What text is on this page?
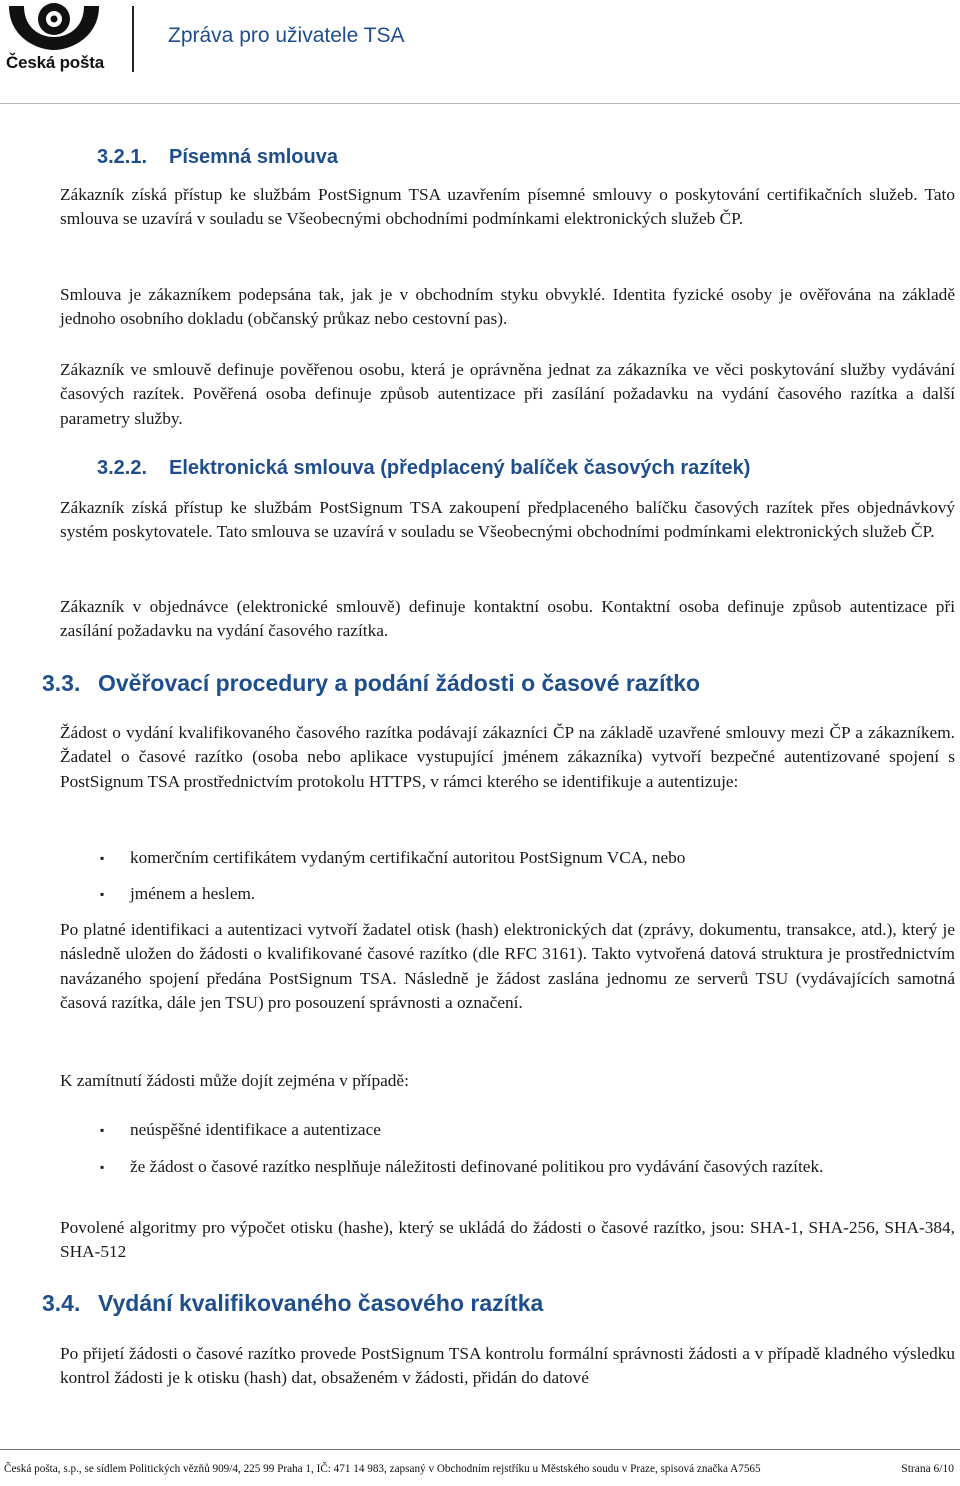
Česká pošta
Zpráva pro uživatele TSA
3.2.1. Písemná smlouva

Zákazník získá přístup ke službám PostSignum TSA uzavřením písemné smlouvy o poskytování certifikačních služeb. Tato smlouva se uzavírá v souladu se Všeobecnými obchodními podmínkami elektronických služeb ČP.

Smlouva je zákazníkem podepsána tak, jak je v obchodním styku obvyklé. Identita fyzické osoby je ověřována na základě jednoho osobního dokladu (občanský průkaz nebo cestovní pas).

Zákazník ve smlouvě definuje pověřenou osobu, která je oprávněna jednat za zákazníka ve věci poskytování služby vydávání časových razítek. Pověřená osoba definuje způsob autentizace při zasílání požadavku na vydání časového razítka a další parametry služby.

3.2.2. Elektronická smlouva (předplacený balíček časových razítek)

Zákazník získá přístup ke službám PostSignum TSA zakoupení předplaceného balíčku časových razítek přes objednávkový systém poskytovatele. Tato smlouva se uzavírá v souladu se Všeobecnými obchodními podmínkami elektronických služeb ČP.

Zákazník v objednávce (elektronické smlouvě) definuje kontaktní osobu. Kontaktní osoba definuje způsob autentizace při zasílání požadavku na vydání časového razítka.

3.3. Ověřovací procedury a podání žádosti o časové razítko

Žádost o vydání kvalifikovaného časového razítka podávají zákazníci ČP na základě uzavřené smlouvy mezi ČP a zákazníkem. Žadatel o časové razítko (osoba nebo aplikace vystupující jménem zákazníka) vytvoří bezpečné autentizované spojení s PostSignum TSA prostřednictvím protokolu HTTPS, v rámci kterého se identifikuje a autentizuje:

▪ komerčním certifikátem vydaným certifikační autoritou PostSignum VCA, nebo
▪ jménem a heslem.

Po platné identifikaci a autentizaci vytvoří žadatel otisk (hash) elektronických dat (zprávy, dokumentu, transakce, atd.), který je následně uložen do žádosti o kvalifikované časové razítko (dle RFC 3161). Takto vytvořená datová struktura je prostřednictvím navázaného spojení předána PostSignum TSA. Následně je žádost zaslána jednomu ze serverů TSU (vydávajících samotná časová razítka, dále jen TSU) pro posouzení správnosti a označení.

K zamítnutí žádosti může dojít zejména v případě:

▪ neúspěšné identifikace a autentizace
▪ že žádost o časové razítko nesplňuje náležitosti definované politikou pro vydávání časových razítek.

Povolené algoritmy pro výpočet otisku (hashe), který se ukládá do žádosti o časové razítko, jsou: SHA-1, SHA-256, SHA-384, SHA-512

3.4. Vydání kvalifikovaného časového razítka

Po přijetí žádosti o časové razítko provede PostSignum TSA kontrolu formální správnosti žádosti a v případě kladného výsledku kontrol žádosti je k otisku (hash) dat, obsaženém v žádosti, přidán do datové

Česká pošta, s.p., se sídlem Politických vězňů 909/4, 225 99 Praha 1, IČ: 471 14 983, zapsaný v Obchodním rejstříku u Městského soudu v Praze, spisová značka A7565	Strana 6/10
